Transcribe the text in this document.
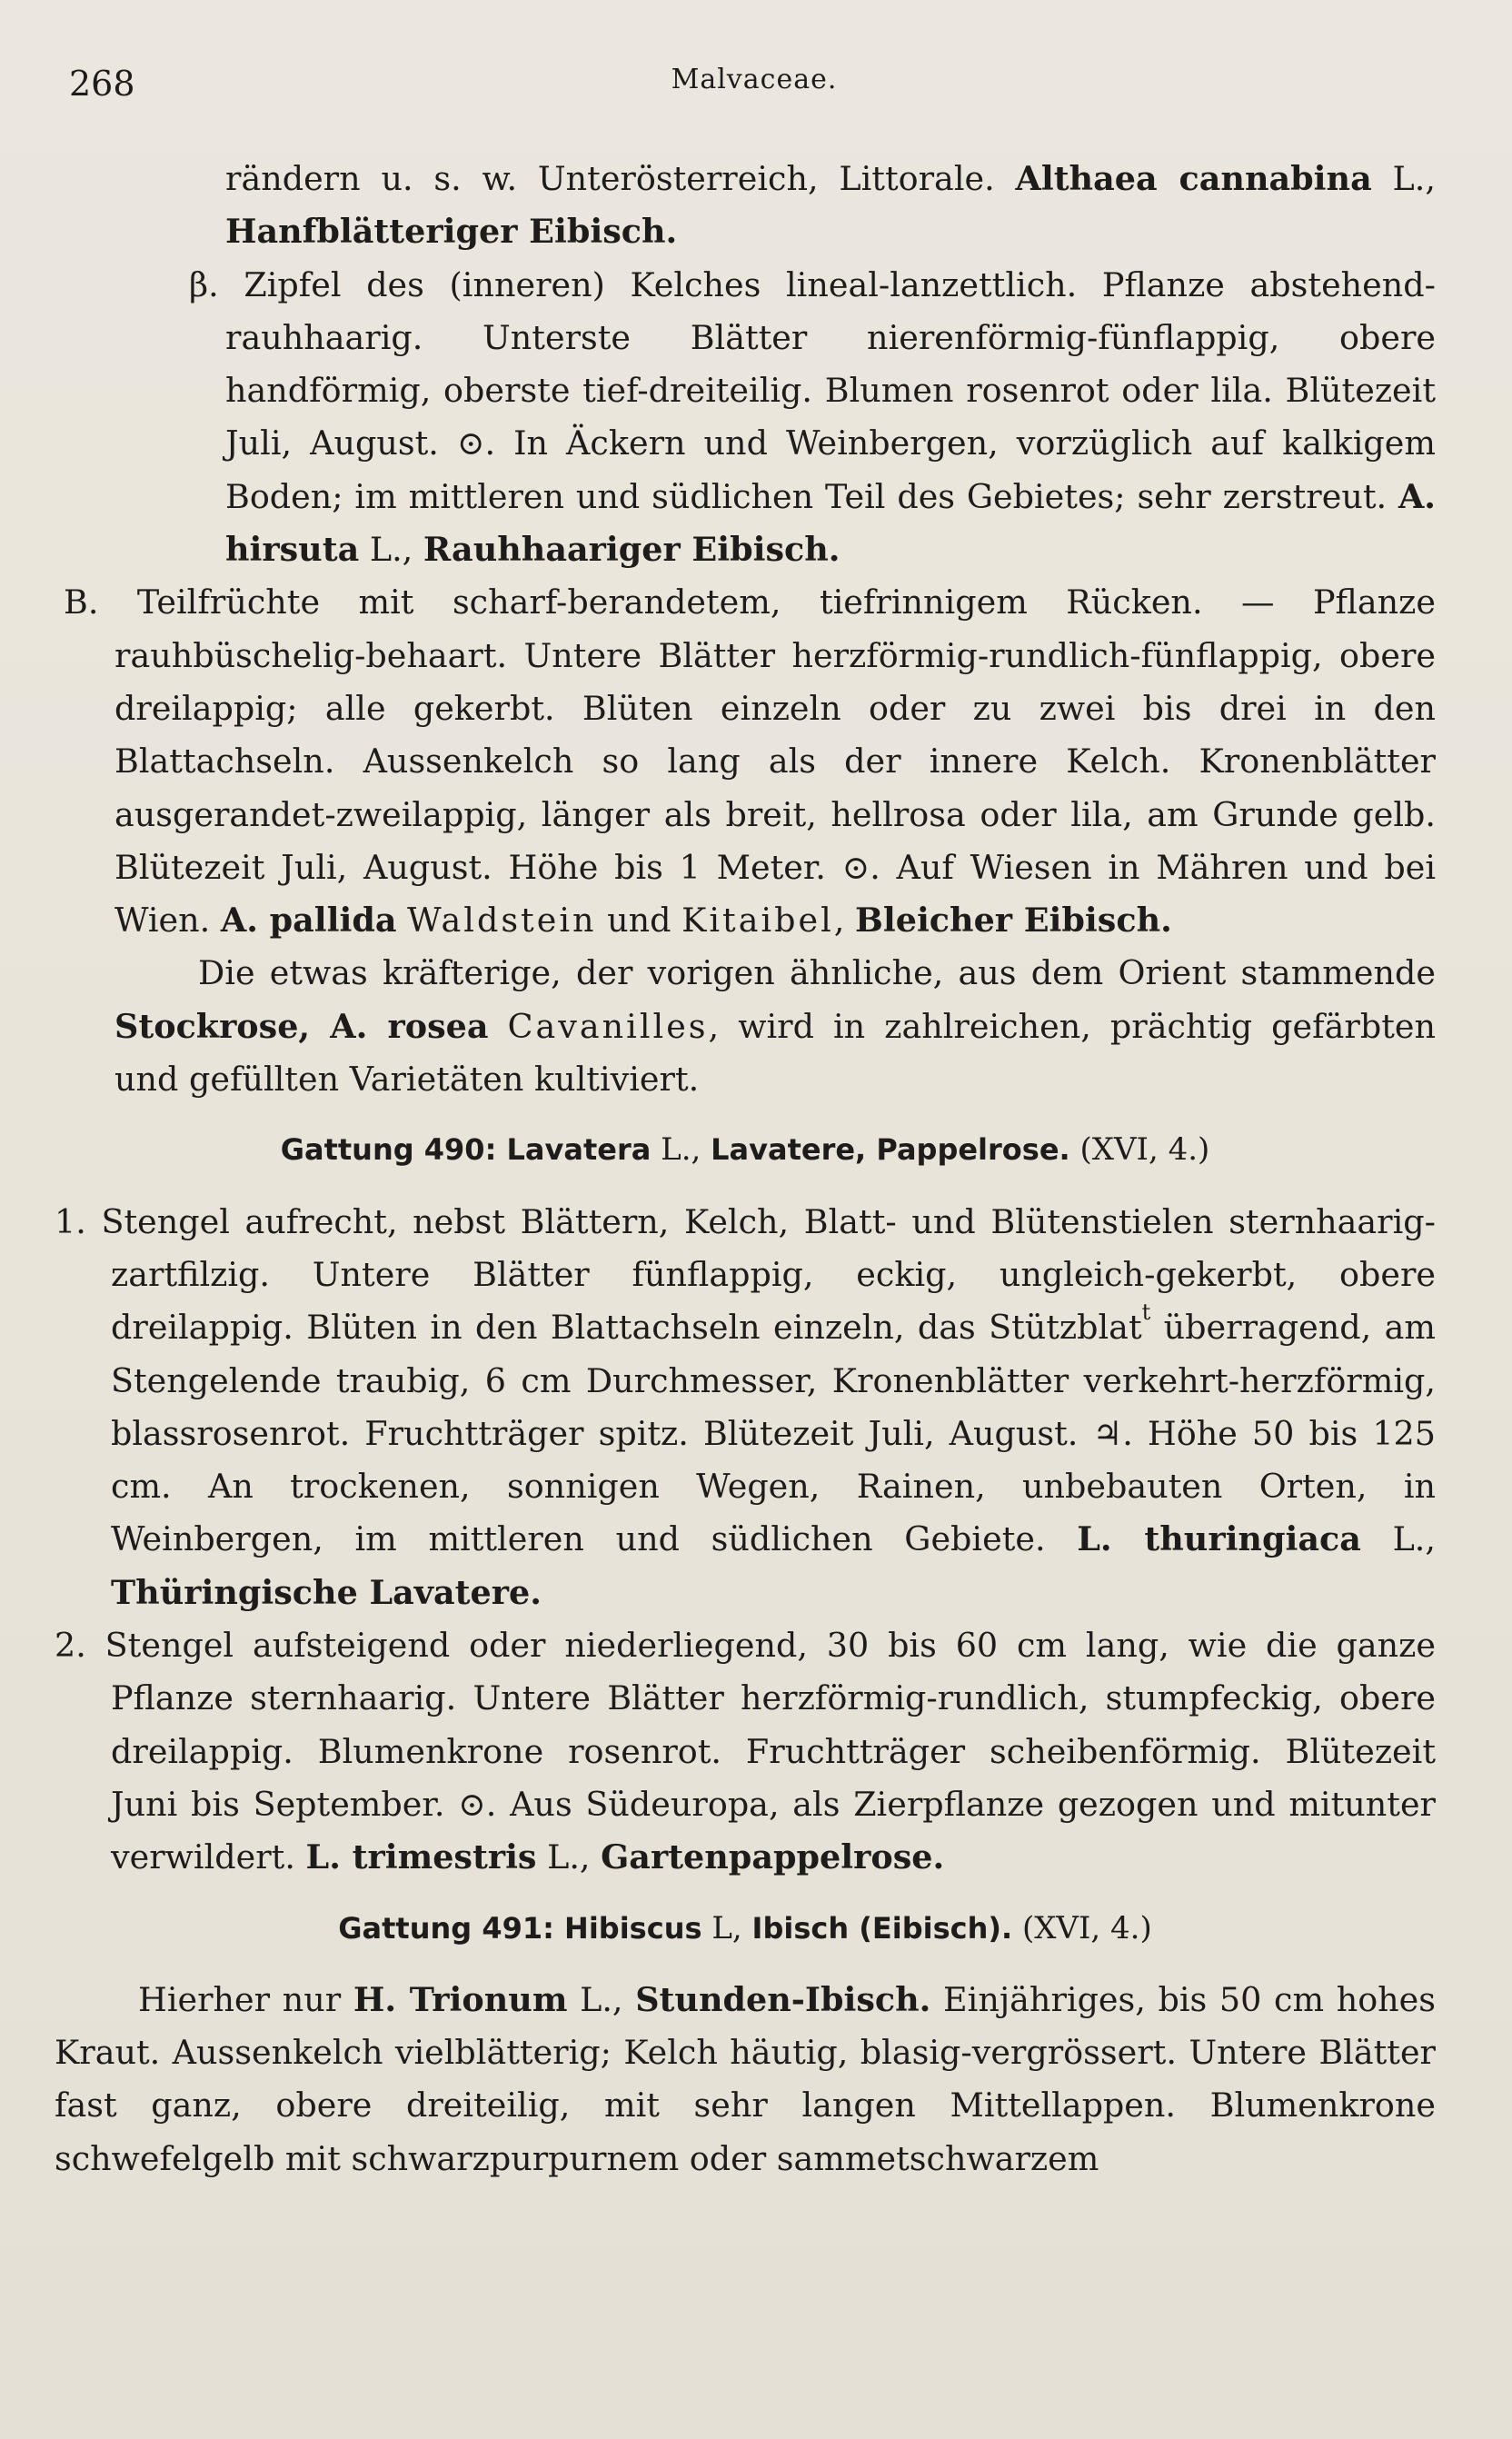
268	Malvaceae.

rändern u. s. w. Unterösterreich, Littorale. Althaea cannabina L., Hanfblätteriger Eibisch.

β. Zipfel des (inneren) Kelches lineal-lanzettlich. Pflanze abstehend-rauhhaarig. Unterste Blätter nierenförmig-fünflappig, obere handförmig, oberste tief-dreiteilig. Blumen rosenrot oder lila. Blütezeit Juli, August. ⊙. In Äckern und Weinbergen, vorzüglich auf kalkigem Boden; im mittleren und südlichen Teil des Gebietes; sehr zerstreut. A. hirsuta L., Rauhhaariger Eibisch.

B. Teilfrüchte mit scharf-berandetem, tiefrinnigem Rücken. — Pflanze rauhbüschelig-behaart. Untere Blätter herzförmig-rundlich-fünflappig, obere dreilappig; alle gekerbt. Blüten einzeln oder zu zwei bis drei in den Blattachseln. Aussenkelch so lang als der innere Kelch. Kronenblätter ausgerandet-zweilappig, länger als breit, hellrosa oder lila, am Grunde gelb. Blütezeit Juli, August. Höhe bis 1 Meter. ⊙. Auf Wiesen in Mähren und bei Wien. A. pallida Waldstein und Kitaibel, Bleicher Eibisch.

Die etwas kräfterige, der vorigen ähnliche, aus dem Orient stammende Stockrose, A. rosea Cavanilles, wird in zahlreichen, prächtig gefärbten und gefüllten Varietäten kultiviert.

Gattung 490: Lavatera L., Lavatere, Pappelrose. (XVI, 4.)

1. Stengel aufrecht, nebst Blättern, Kelch, Blatt- und Blütenstielen sternhaarig-zartfilzig. Untere Blätter fünflappig, eckig, ungleich-gekerbt, obere dreilappig. Blüten in den Blattachseln einzeln, das Stützblat$^t$ überragend, am Stengelende traubig, 6 cm Durchmesser, Kronenblätter verkehrt-herzförmig, blassrosenrot. Fruchtträger spitz. Blütezeit Juli, August. ♃. Höhe 50 bis 125 cm. An trockenen, sonnigen Wegen, Rainen, unbebauten Orten, in Weinbergen, im mittleren und südlichen Gebiete. L. thuringiaca L., Thüringische Lavatere.

2. Stengel aufsteigend oder niederliegend, 30 bis 60 cm lang, wie die ganze Pflanze sternhaarig. Untere Blätter herzförmig-rundlich, stumpfeckig, obere dreilappig. Blumenkrone rosenrot. Fruchtträger scheibenförmig. Blütezeit Juni bis September. ⊙. Aus Südeuropa, als Zierpflanze gezogen und mitunter verwildert. L. trimestris L., Gartenpappelrose.

Gattung 491: Hibiscus L, Ibisch (Eibisch). (XVI, 4.)

Hierher nur H. Trionum L., Stunden-Ibisch. Einjähriges, bis 50 cm hohes Kraut. Aussenkelch vielblätterig; Kelch häutig, blasig-vergrössert. Untere Blätter fast ganz, obere dreiteilig, mit sehr langen Mittellappen. Blumenkrone schwefelgelb mit schwarzpurpurnem oder sammetschwarzem
